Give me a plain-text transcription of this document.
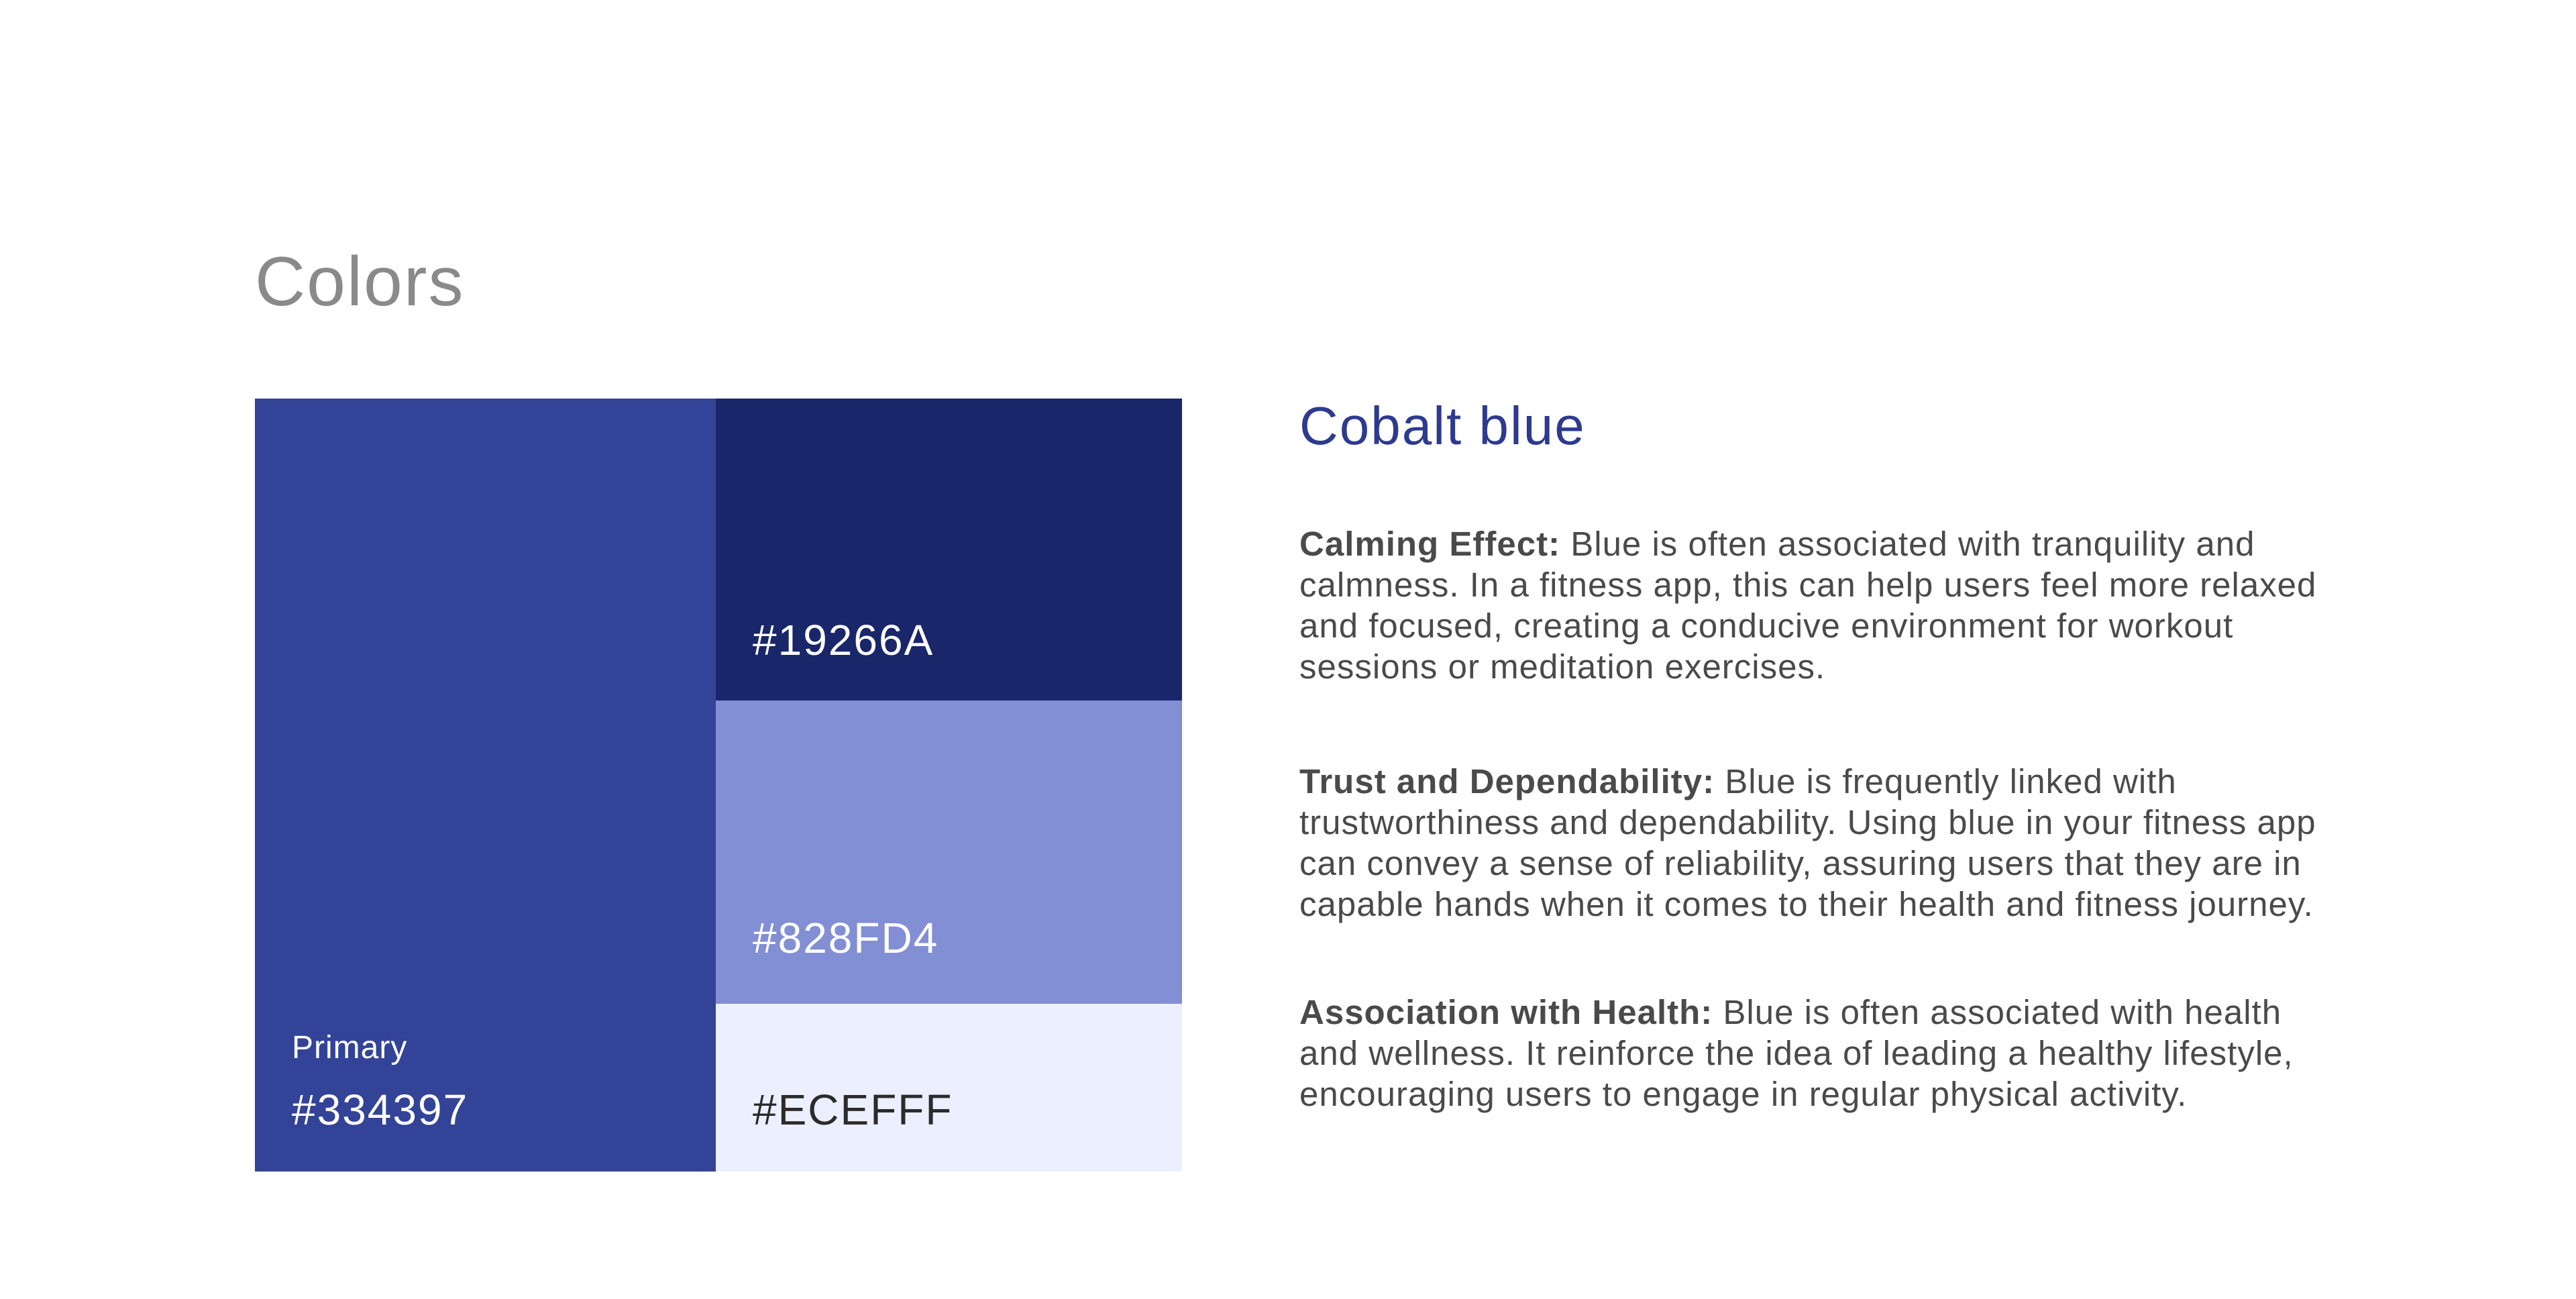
Colors
Primary
#334397
#19266A
#828FD4
#ECEFFF
Cobalt blue

Calming Effect: Blue is often associated with tranquility and calmness. In a fitness app, this can help users feel more relaxed and focused, creating a conducive environment for workout sessions or meditation exercises.

Trust and Dependability: Blue is frequently linked with trustworthiness and dependability. Using blue in your fitness app can convey a sense of reliability, assuring users that they are in capable hands when it comes to their health and fitness journey.

Association with Health: Blue is often associated with health and wellness. It reinforce the idea of leading a healthy lifestyle, encouraging users to engage in regular physical activity.
